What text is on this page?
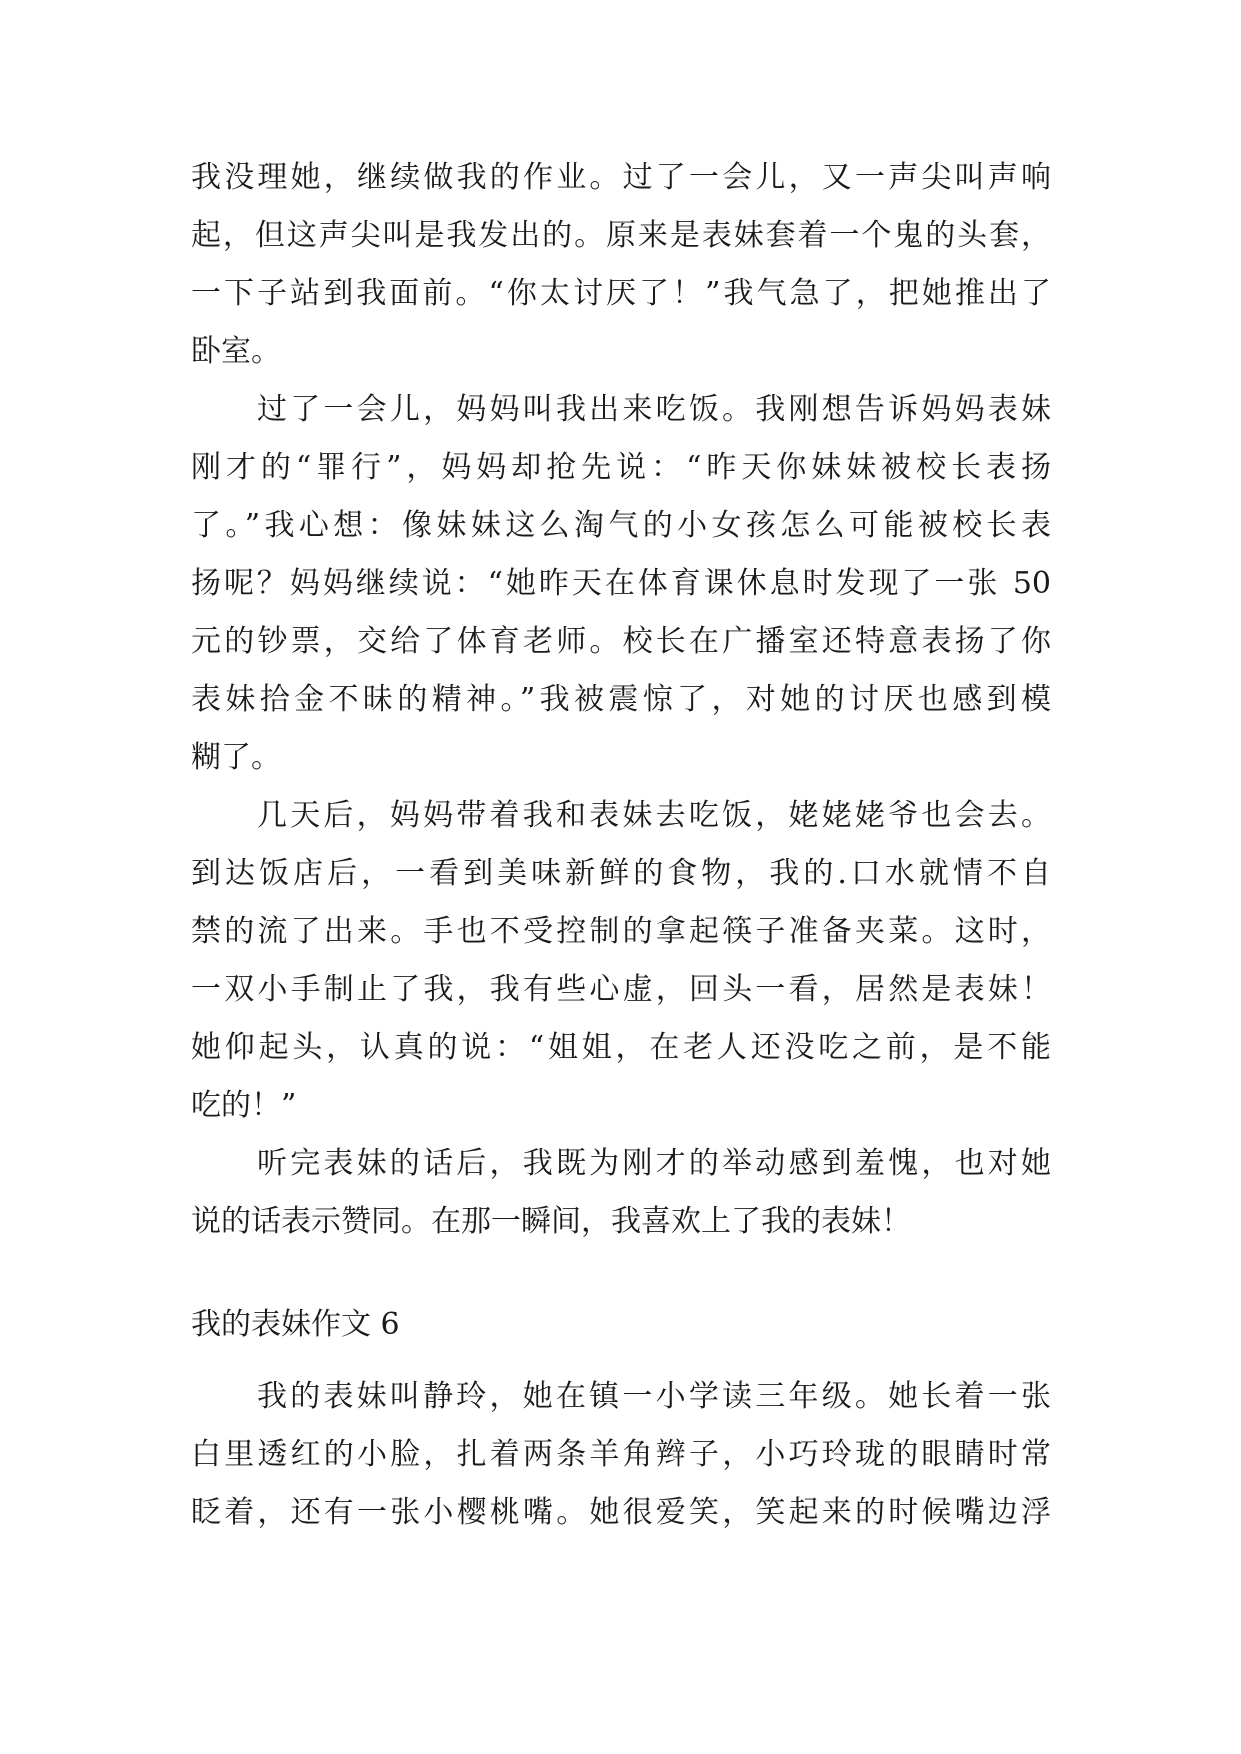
我没理她，继续做我的作业。过了一会儿，又一声尖叫声响
起，但这声尖叫是我发出的。原来是表妹套着一个鬼的头套，
一下子站到我面前。“你太讨厌了！”我气急了，把她推出了
卧室。
过了一会儿，妈妈叫我出来吃饭。我刚想告诉妈妈表妹
刚才的“罪行”，妈妈却抢先说：“昨天你妹妹被校长表扬
了。”我心想：像妹妹这么淘气的小女孩怎么可能被校长表
扬呢？妈妈继续说：“她昨天在体育课休息时发现了一张 50
元的钞票，交给了体育老师。校长在广播室还特意表扬了你
表妹拾金不昧的精神。”我被震惊了，对她的讨厌也感到模
糊了。
几天后，妈妈带着我和表妹去吃饭，姥姥姥爷也会去。
到达饭店后，一看到美味新鲜的食物，我的.口水就情不自
禁的流了出来。手也不受控制的拿起筷子准备夹菜。这时，
一双小手制止了我，我有些心虚，回头一看，居然是表妹！
她仰起头，认真的说：“姐姐，在老人还没吃之前，是不能
吃的！”
听完表妹的话后，我既为刚才的举动感到羞愧，也对她
说的话表示赞同。在那一瞬间，我喜欢上了我的表妹！
我的表妹作文 6
我的表妹叫静玲，她在镇一小学读三年级。她长着一张
白里透红的小脸，扎着两条羊角辫子，小巧玲珑的眼睛时常
眨着，还有一张小樱桃嘴。她很爱笑，笑起来的时候嘴边浮
